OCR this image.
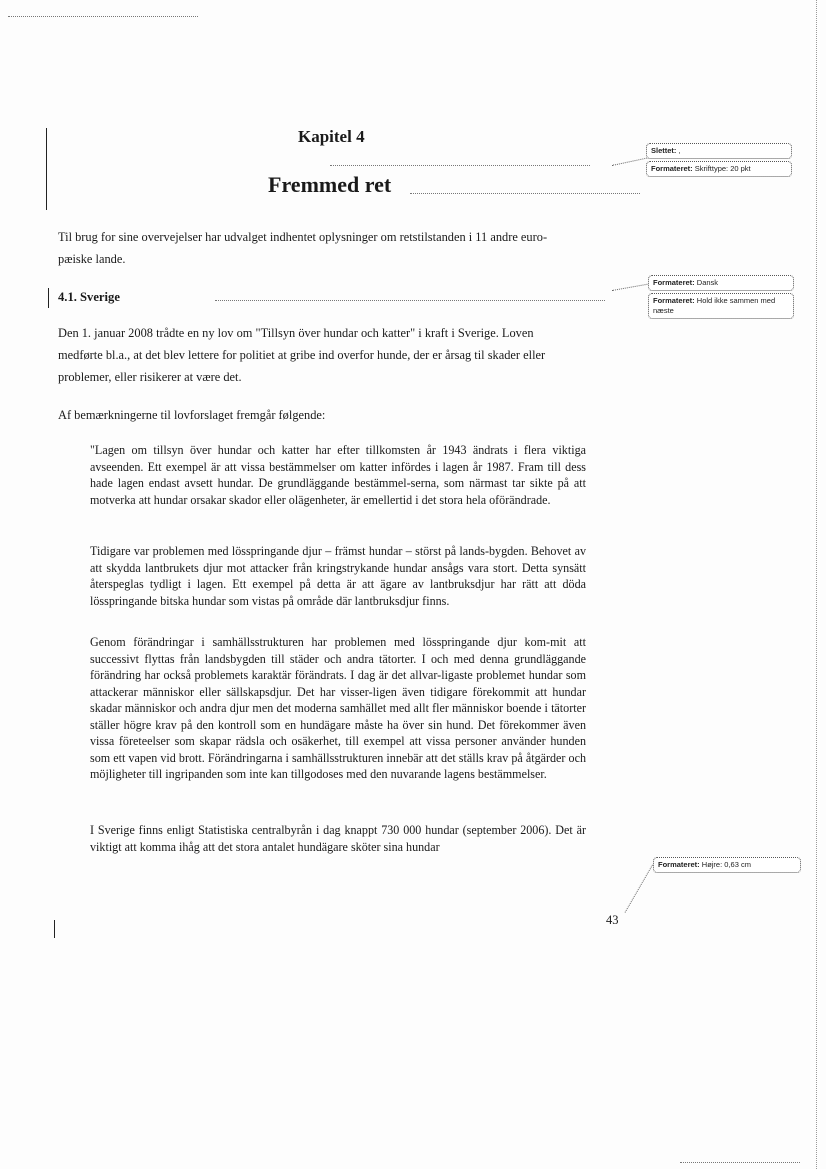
Kapitel 4
Fremmed ret
Til brug for sine overvejelser har udvalget indhentet oplysninger om retstilstanden i 11 andre euro-
pæiske lande.
4.1. Sverige
Den 1. januar 2008 trådte en ny lov om "Tillsyn över hundar och katter" i kraft i Sverige. Loven
medførte bl.a., at det blev lettere for politiet at gribe ind overfor hunde, der er årsag til skader eller
problemer, eller risikerer at være det.
Af bemærkningerne til lovforslaget fremgår følgende:
"Lagen om tillsyn över hundar och katter har efter tillkomsten år 1943 ändrats i flera viktiga avseenden. Ett exempel är att vissa bestämmelser om katter infördes i lagen år 1987. Fram till dess hade lagen endast avsett hundar. De grundläggande bestämmel-serna, som närmast tar sikte på att motverka att hundar orsakar skador eller olägenheter, är emellertid i det stora hela oförändrade.
Tidigare var problemen med lösspringande djur – främst hundar – störst på lands-bygden. Behovet av att skydda lantbrukets djur mot attacker från kringstrykande hundar ansågs vara stort. Detta synsätt återspeglas tydligt i lagen. Ett exempel på detta är att ägare av lantbruksdjur har rätt att döda lösspringande bitska hundar som vistas på område där lantbruksdjur finns.
Genom förändringar i samhällsstrukturen har problemen med lösspringande djur kom-mit att successivt flyttas från landsbygden till städer och andra tätorter. I och med denna grundläggande förändring har också problemets karaktär förändrats. I dag är det allvar-ligaste problemet hundar som attackerar människor eller sällskapsdjur. Det har visser-ligen även tidigare förekommit att hundar skadar människor och andra djur men det moderna samhället med allt fler människor boende i tätorter ställer högre krav på den kontroll som en hundägare måste ha över sin hund. Det förekommer även vissa företeelser som skapar rädsla och osäkerhet, till exempel att vissa personer använder hunden som ett vapen vid brott. Förändringarna i samhällsstrukturen innebär att det ställs krav på åtgärder och möjligheter till ingripanden som inte kan tillgodoses med den nuvarande lagens bestämmelser.
I Sverige finns enligt Statistiska centralbyrån i dag knappt 730 000 hundar (september 2006). Det är viktigt att komma ihåg att det stora antalet hundägare sköter sina hundar
43
Slettet: ,
Formateret: Skrifttype: 20 pkt
Formateret: Dansk
Formateret: Hold ikke sammen med næste
Formateret: Højre: 0,63 cm
